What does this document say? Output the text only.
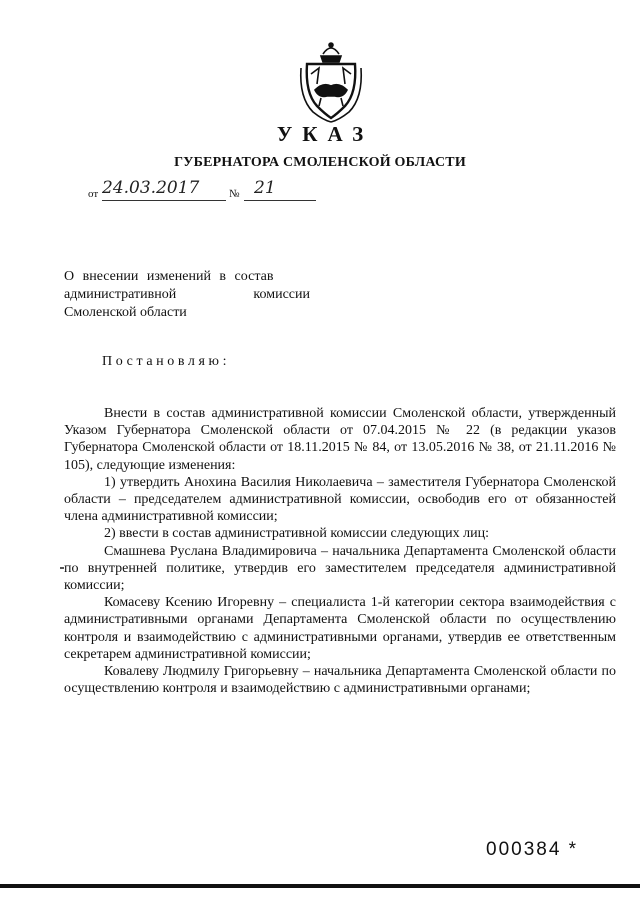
УКАЗ
ГУБЕРНАТОРА СМОЛЕНСКОЙ ОБЛАСТИ
от 24.03.2017	№ 21
О внесении изменений в состав
административной	комиссии
Смоленской области
Постановляю:

Внести в состав административной комиссии Смоленской области, утвержденный Указом Губернатора Смоленской области от 07.04.2015 № 22 (в редакции указов Губернатора Смоленской области от 18.11.2015 № 84, от 13.05.2016 № 38, от 21.11.2016 № 105), следующие изменения:

1) утвердить Анохина Василия Николаевича – заместителя Губернатора Смоленской области – председателем административной комиссии, освободив его от обязанностей члена административной комиссии;

2) ввести в состав административной комиссии следующих лиц:

Смашнева Руслана Владимировича – начальника Департамента Смоленской области по внутренней политике, утвердив его заместителем председателя административной комиссии;

Комасеву Ксению Игоревну – специалиста 1-й категории сектора взаимодействия с административными органами Департамента Смоленской области по осуществлению контроля и взаимодействию с административными органами, утвердив ее ответственным секретарем административной комиссии;

Ковалеву Людмилу Григорьевну – начальника Департамента Смоленской области по осуществлению контроля и взаимодействию с административными органами;

000384 *
